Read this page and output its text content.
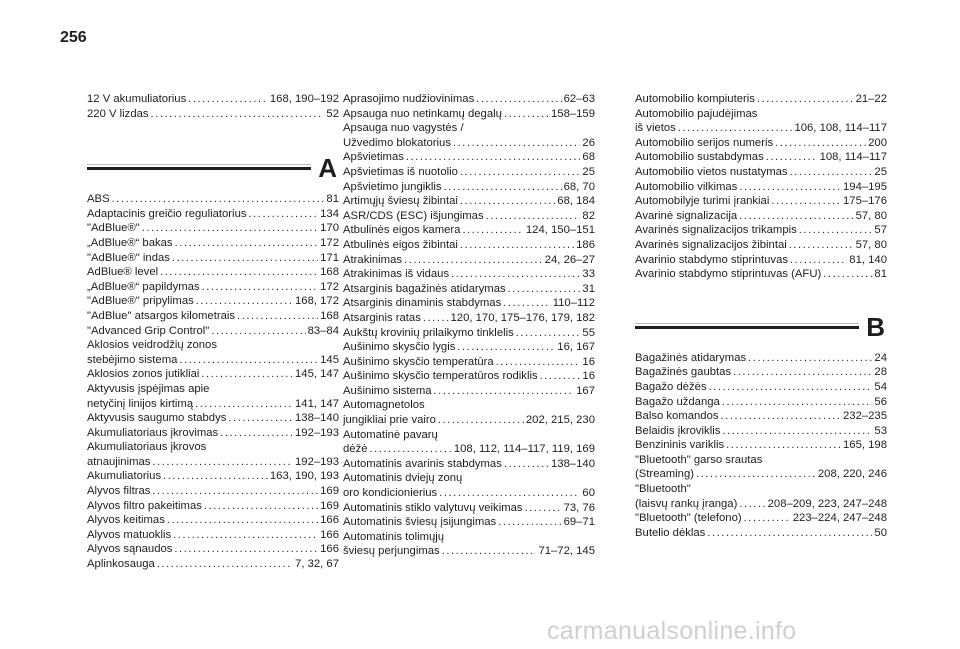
256
12 V akumuliatorius .....	168, 190–192
220 V lizdas .....	52
A
ABS .....	81
Adaptacinis greičio reguliatorius .....	134
"AdBlue®" .....	170
„AdBlue®“ bakas .....	172
"AdBlue®" indas .....	171
AdBlue® level .....	168
„AdBlue®“ papildymas .....	172
"AdBlue®" pripylimas .....	168, 172
"AdBlue" atsargos kilometrais .....	168
"Advanced Grip Control" .....	83–84
Aklosios veidrodžių zonos
stebėjimo sistema .....	145
Aklosios zonos jutikliai .....	145, 147
Aktyvusis įspėjimas apie
netyčinį linijos kirtimą .....	141, 147
Aktyvusis saugumo stabdys .....	138–140
Akumuliatoriaus įkrovimas .....	192–193
Akumuliatoriaus įkrovos
atnaujinimas .....	192–193
Akumuliatorius .....	163, 190, 193
Alyvos filtras .....	169
Alyvos filtro pakeitimas .....	169
Alyvos keitimas .....	166
Alyvos matuoklis .....	166
Alyvos sąnaudos .....	166
Aplinkosauga .....	7, 32, 67
Aprasojimo nudžiovinimas .....	62–63
Apsauga nuo netinkamų degalų .....	158–159
Apsauga nuo vagystės /
Užvedimo blokatorius .....	26
Apšvietimas .....	68
Apšvietimas iš nuotolio .....	25
Apšvietimo jungiklis .....	68, 70
Artimųjų šviesų žibintai .....	68, 184
ASR/CDS (ESC) išjungimas .....	82
Atbulinės eigos kamera .....	124, 150–151
Atbulinės eigos žibintai .....	186
Atrakinimas .....	24, 26–27
Atrakinimas iš vidaus .....	33
Atsarginis bagažinės atidarymas .....	31
Atsarginis dinaminis stabdymas .....	110–112
Atsarginis ratas .....	120, 170, 175–176, 179, 182
Aukštų krovinių prilaikymo tinklelis .....	55
Aušinimo skysčio lygis .....	16, 167
Aušinimo skysčio temperatūra .....	16
Aušinimo skysčio temperatūros rodiklis .....	16
Aušinimo sistema .....	167
Automagnetolos
jungikliai prie vairo .....	202, 215, 230
Automatinė pavarų
dėžė .....	108, 112, 114–117, 119, 169
Automatinis avarinis stabdymas .....	138–140
Automatinis dviejų zonų
oro kondicionierius .....	60
Automatinis stiklo valytuvų veikimas .....	73, 76
Automatinis šviesų įsijungimas .....	69–71
Automatinis tolimųjų
šviesų perjungimas .....	71–72, 145
Automobilio kompiuteris .....	21–22
Automobilio pajudėjimas
iš vietos .....	106, 108, 114–117
Automobilio serijos numeris .....	200
Automobilio sustabdymas .....	108, 114–117
Automobilio vietos nustatymas .....	25
Automobilio vilkimas .....	194–195
Automobilyje turimi įrankiai .....	175–176
Avarinė signalizacija .....	57, 80
Avarinės signalizacijos trikampis .....	57
Avarinės signalizacijos žibintai .....	57, 80
Avarinio stabdymo stiprintuvas .....	81, 140
Avarinio stabdymo stiprintuvas (AFU) .....	81
B
Bagažinės atidarymas .....	24
Bagažinės gaubtas .....	28
Bagažo dėžės .....	54
Bagažo uždanga .....	56
Balso komandos .....	232–235
Belaidis įkroviklis .....	53
Benzininis variklis .....	165, 198
"Bluetooth" garso srautas
(Streaming) .....	208, 220, 246
"Bluetooth"
(laisvų rankų įranga) .....	208–209, 223, 247–248
"Bluetooth" (telefono) .....	223–224, 247–248
Butelio dėklas .....	50
carmanualsonline.info
